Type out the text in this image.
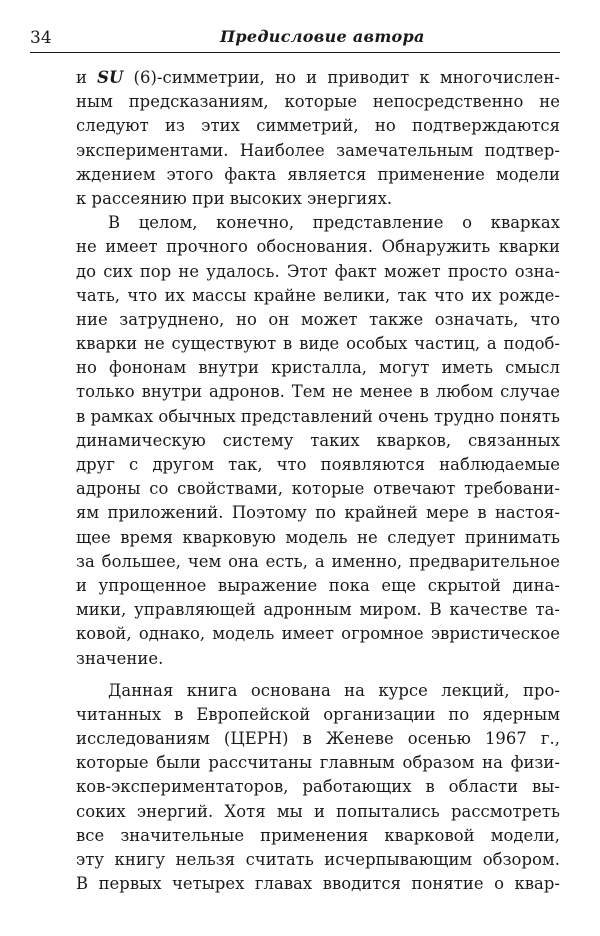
34	Предисловие автора
и SU (6)-симметрии, но и приводит к многочислен-
ным предсказаниям, которые непосредственно не
следуют из этих симметрий, но подтверждаются
экспериментами. Наиболее замечательным подтвер-
ждением этого факта является применение модели
к рассеянию при высоких энергиях.
В целом, конечно, представление о кварках
не имеет прочного обоснования. Обнаружить кварки
до сих пор не удалось. Этот факт может просто озна-
чать, что их массы крайне велики, так что их рожде-
ние затруднено, но он может также означать, что
кварки не существуют в виде особых частиц, а подоб-
но фононам внутри кристалла, могут иметь смысл
только внутри адронов. Тем не менее в любом случае
в рамках обычных представлений очень трудно понять
динамическую систему таких кварков, связанных
друг с другом так, что появляются наблюдаемые
адроны со свойствами, которые отвечают требовани-
ям приложений. Поэтому по крайней мере в настоя-
щее время кварковую модель не следует принимать
за большее, чем она есть, а именно, предварительное
и упрощенное выражение пока еще скрытой дина-
мики, управляющей адронным миром. В качестве та-
ковой, однако, модель имеет огромное эвристическое
значение.
Данная книга основана на курсе лекций, про-
читанных в Европейской организации по ядерным
исследованиям (ЦЕРН) в Женеве осенью 1967 г.,
которые были рассчитаны главным образом на физи-
ков-экспериментаторов, работающих в области вы-
соких энергий. Хотя мы и попытались рассмотреть
все значительные применения кварковой модели,
эту книгу нельзя считать исчерпывающим обзором.
В первых четырех главах вводится понятие о квар-
